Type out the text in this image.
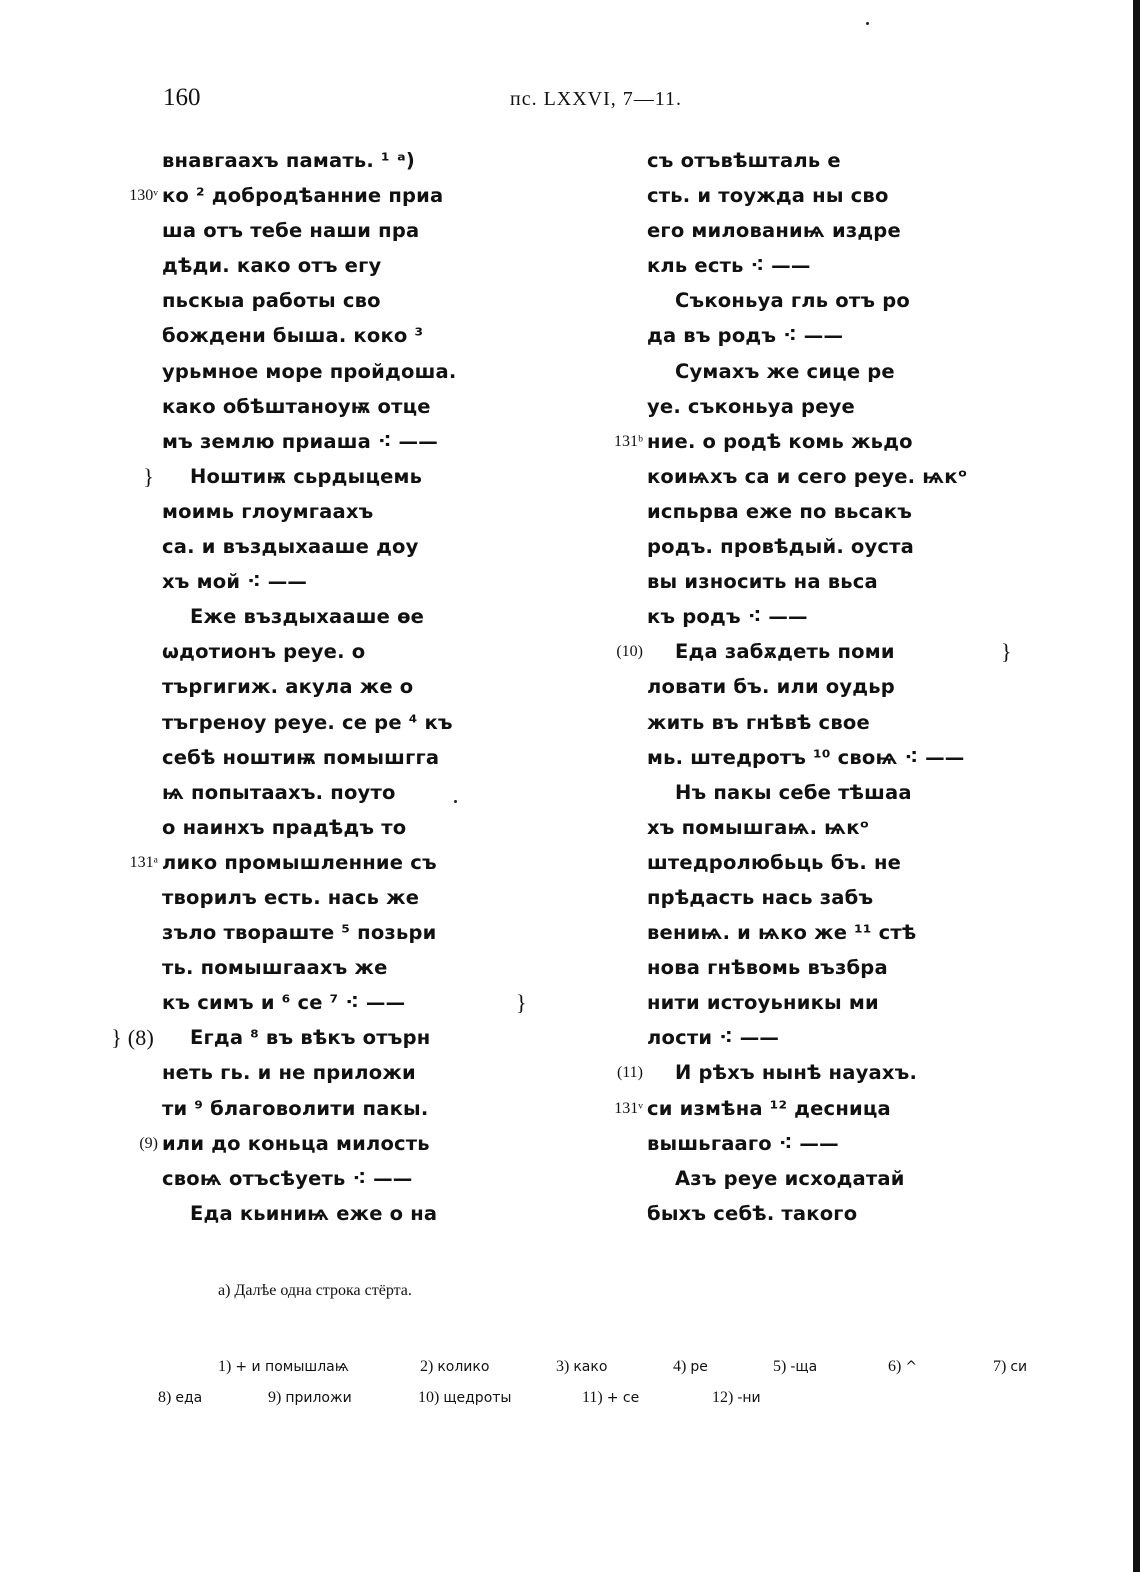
160	пс. LXXVI, 7—11.
внавгаахъ памать. ¹ ᵃ)
130ᵛ ко ² добродѣанние приа
ша отъ тебе наши пра
дѣди. како отъ егу
пьскыа работы сво
бождени быша. коко ³
урьмное море пройдоша.
како обѣштаноуѭ отце
мъ землю приашa ⁖ ——
} Ноштиѭ сьрдыцемь
моимь глоумгаахъ
са. и въздыхааше доу
хъ мой ⁖ ——
Еже въздыхааше ѳе
ѡдотионъ реуе. о
търгигиж. акула же о
тъгреноу реуе. се ре ⁴ къ
себѣ ноштиѭ помышгга
ѩ попытаахъ. поуто
о наинхъ прадѣдъ то
131ᵃ лико промышленние съ
творилъ есть. нась же
зъло твораште ⁵ позьри
ть. помышгаахъ же
къ симъ и ⁶ се ⁷ ⁖ ——	}
} (8) Егда ⁸ въ вѣкъ отърн
неть гь. и не приложи
ти ⁹ благоволити пакы.
(9) или до коньца милость
своѩ отъсѣуеть ⁖ ——
Еда кьиниѩ еже о на
съ отъвѣшталь е
сть. и тоуждa ны сво
его милованиѩ издре
кль есть ⁖ ——
Съконьуа гль отъ ро
да въ родъ ⁖ ——
Сумахъ же сице ре
уе. съконьуа реуе
131ᵇ ние. о родѣ комь жьдо
коиѩхъ са и сего реуе. ѩкᵒ
испьрва еже по вьсакъ
родъ. провѣдый. оуста
вы износить на вьса
къ родъ ⁖ ——
(10) Еда забѫдеть поми	}
ловати бъ. или оудьр
жить въ гнѣвѣ свое
мь. штедротъ ¹⁰ своѩ ⁖ ——
Нъ пакы себе тѣшаа
хъ помышгаѩ. ѩкᵒ
штедролюбьць бъ. не
прѣдасть нась забъ
вениѩ. и ѩко же ¹¹ стѣ
нова гнѣвомь възбра
нити истоуьникы ми
лости ⁖ ——
(11) И рѣхъ нынѣ науахъ.
131ᵛ си измѣна ¹² десница
вышьгааго ⁖ ——
Азъ реуе исходатай
быхъ себѣ. такого
а) Далѣе одна строка стёрта.
1) + и помышлаѩ	2) колико	3) како	4) ре	5) -ща	6) ^	7) си
8) еда	9) приложи	10) щедроты	11) + се	12) -ни
